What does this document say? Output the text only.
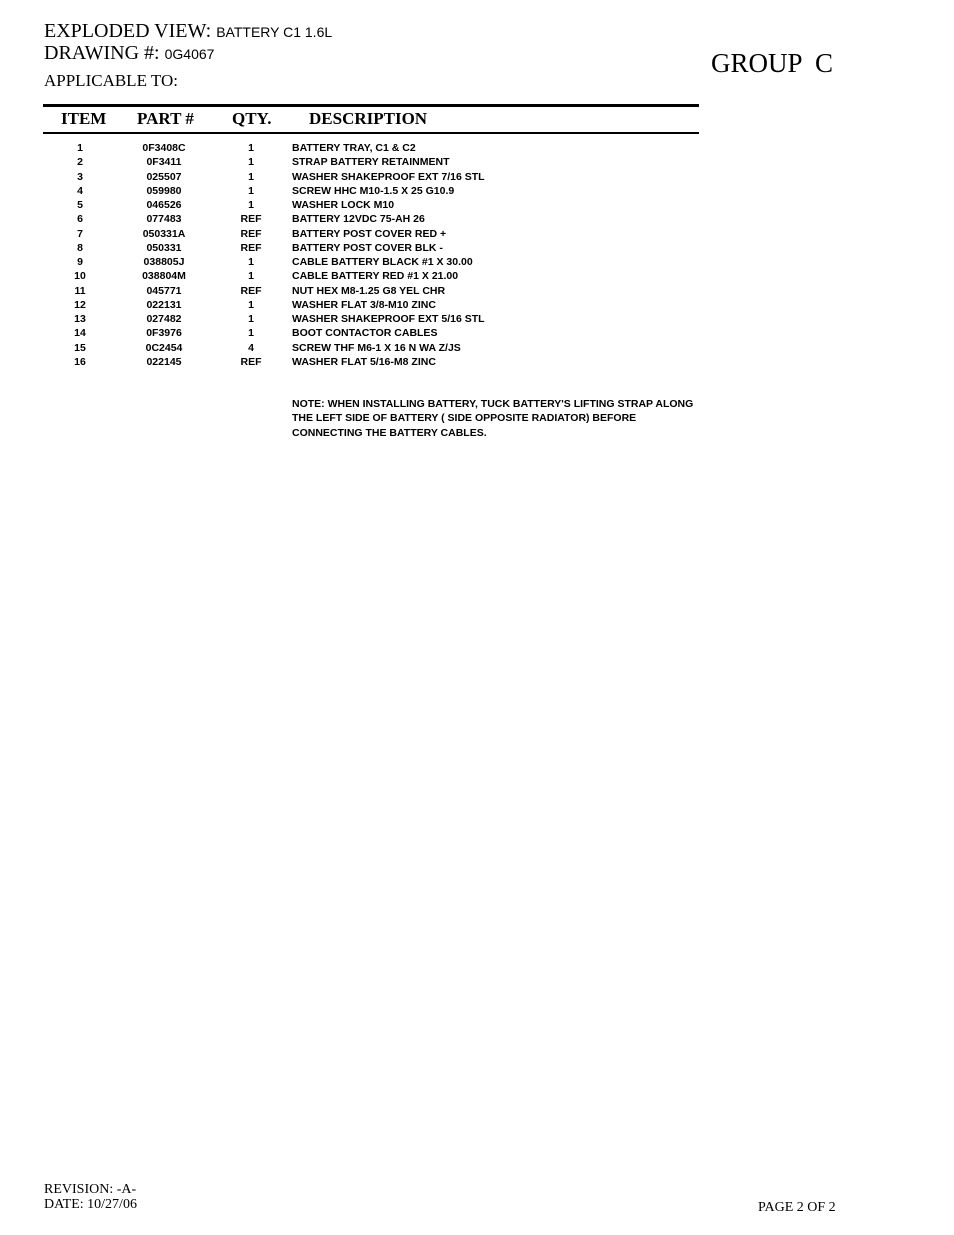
EXPLODED VIEW: BATTERY C1 1.6L
DRAWING #: 0G4067
APPLICABLE TO:
GROUP  C
ITEM PART # QTY. DESCRIPTION
1	0F3408C	1	BATTERY TRAY, C1 & C2
2	0F3411	1	STRAP BATTERY RETAINMENT
3	025507	1	WASHER SHAKEPROOF EXT 7/16 STL
4	059980	1	SCREW HHC M10-1.5 X 25 G10.9
5	046526	1	WASHER LOCK M10
6	077483	REF	BATTERY 12VDC 75-AH 26
7	050331A	REF	BATTERY POST COVER RED +
8	050331	REF	BATTERY POST COVER BLK -
9	038805J	1	CABLE BATTERY BLACK #1 X 30.00
10	038804M	1	CABLE BATTERY RED #1 X 21.00
11	045771	REF	NUT HEX M8-1.25 G8 YEL CHR
12	022131	1	WASHER FLAT 3/8-M10 ZINC
13	027482	1	WASHER SHAKEPROOF EXT 5/16 STL
14	0F3976	1	BOOT CONTACTOR CABLES
15	0C2454	4	SCREW THF M6-1 X 16 N WA Z/JS
16	022145	REF	WASHER FLAT 5/16-M8 ZINC
NOTE: WHEN INSTALLING BATTERY, TUCK BATTERY'S LIFTING STRAP ALONG
THE LEFT SIDE OF BATTERY ( SIDE OPPOSITE RADIATOR) BEFORE
CONNECTING THE BATTERY CABLES.
REVISION: -A-
DATE: 10/27/06	PAGE 2 OF 2
